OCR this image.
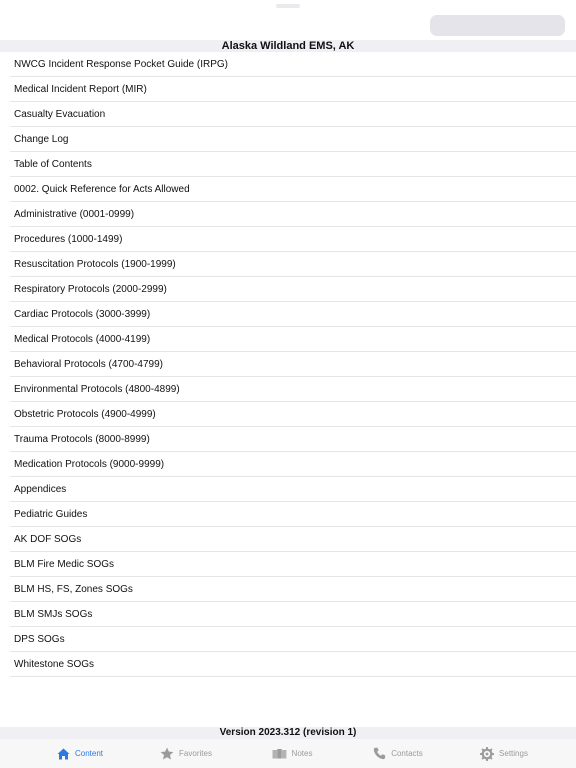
Alaska Wildland EMS, AK
NWCG Incident Response Pocket Guide (IRPG)
Medical Incident Report (MIR)
Casualty Evacuation
Change Log
Table of Contents
0002. Quick Reference for Acts Allowed
Administrative (0001-0999)
Procedures (1000-1499)
Resuscitation Protocols (1900-1999)
Respiratory Protocols (2000-2999)
Cardiac Protocols (3000-3999)
Medical Protocols (4000-4199)
Behavioral Protocols (4700-4799)
Environmental Protocols (4800-4899)
Obstetric Protocols (4900-4999)
Trauma Protocols (8000-8999)
Medication Protocols (9000-9999)
Appendices
Pediatric Guides
AK DOF SOGs
BLM Fire Medic SOGs
BLM HS, FS, Zones SOGs
BLM SMJs SOGs
DPS SOGs
Whitestone SOGs
Version 2023.312 (revision 1)
Content	Favorites	Notes	Contacts	Settings
